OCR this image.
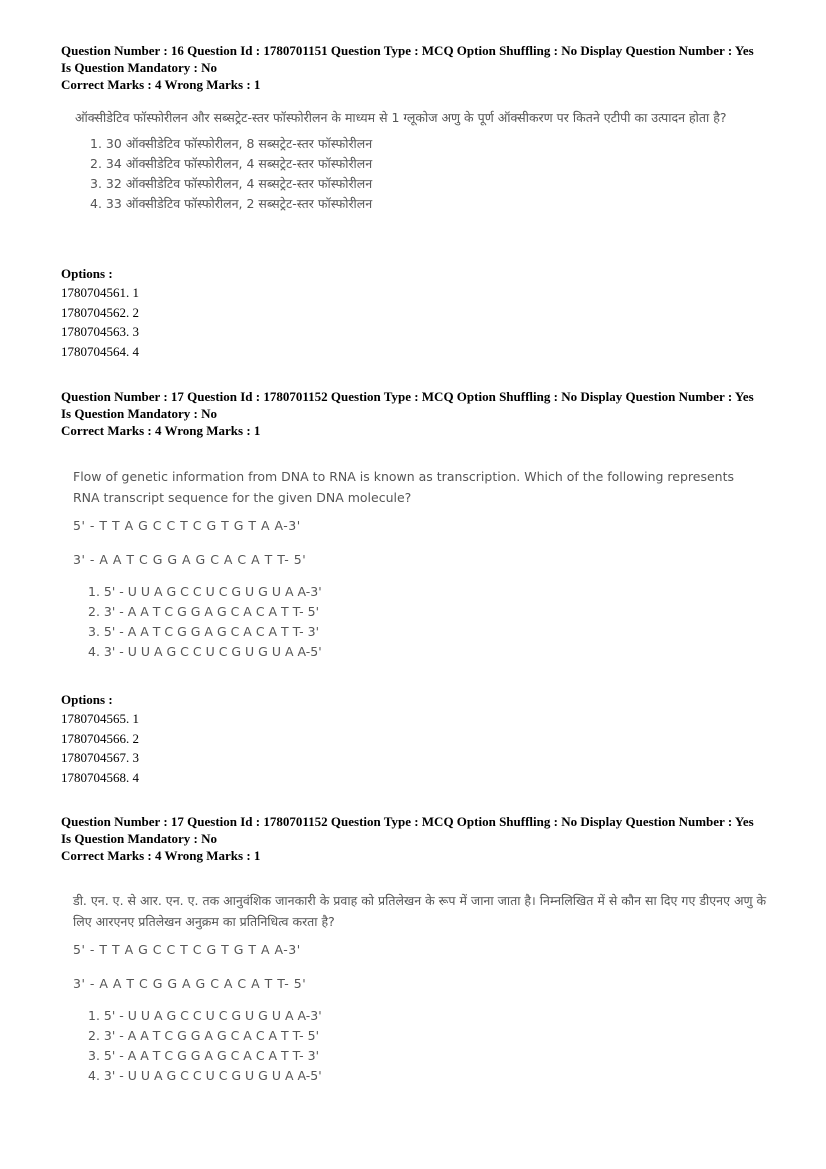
Question Number : 16 Question Id : 1780701151 Question Type : MCQ Option Shuffling : No Display Question Number : Yes

Is Question Mandatory : No

Correct Marks : 4 Wrong Marks : 1

ऑक्सीडेटिव फॉस्फोरीलन और सब्सट्रेट-स्तर फॉस्फोरीलन के माध्यम से 1 ग्लूकोज अणु के पूर्ण ऑक्सीकरण पर कितने एटीपी का उत्पादन होता है?

1. 30 ऑक्सीडेटिव फॉस्फोरीलन, 8 सब्सट्रेट-स्तर फॉस्फोरीलन
2. 34 ऑक्सीडेटिव फॉस्फोरीलन, 4 सब्सट्रेट-स्तर फॉस्फोरीलन
3. 32 ऑक्सीडेटिव फॉस्फोरीलन, 4 सब्सट्रेट-स्तर फॉस्फोरीलन
4. 33 ऑक्सीडेटिव फॉस्फोरीलन, 2 सब्सट्रेट-स्तर फॉस्फोरीलन

Options :

1780704561. 1

1780704562. 2

1780704563. 3

1780704564. 4

Question Number : 17 Question Id : 1780701152 Question Type : MCQ Option Shuffling : No Display Question Number : Yes

Is Question Mandatory : No

Correct Marks : 4 Wrong Marks : 1

Flow of genetic information from DNA to RNA is known as transcription. Which of the following represents RNA transcript sequence for the given DNA molecule?

5' - T T A G C C T C G T G T A A-3'

3' - A A T C G G A G C A C A T T- 5'

1. 5' - U U A G C C U C G U G U A A-3'
2. 3' - A A T C G G A G C A C A T T- 5'
3. 5' - A A T C G G A G C A C A T T- 3'
4. 3' - U U A G C C U C G U G U A A-5'

Options :

1780704565. 1

1780704566. 2

1780704567. 3

1780704568. 4

Question Number : 17 Question Id : 1780701152 Question Type : MCQ Option Shuffling : No Display Question Number : Yes

Is Question Mandatory : No

Correct Marks : 4 Wrong Marks : 1

डी. एन. ए. से आर. एन. ए. तक आनुवंशिक जानकारी के प्रवाह को प्रतिलेखन के रूप में जाना जाता है। निम्नलिखित में से कौन सा दिए गए डीएनए अणु के लिए आरएनए प्रतिलेखन अनुक्रम का प्रतिनिधित्व करता है?

5' - T T A G C C T C G T G T A A-3'

3' - A A T C G G A G C A C A T T- 5'

1. 5' - U U A G C C U C G U G U A A-3'
2. 3' - A A T C G G A G C A C A T T- 5'
3. 5' - A A T C G G A G C A C A T T- 3'
4. 3' - U U A G C C U C G U G U A A-5'
